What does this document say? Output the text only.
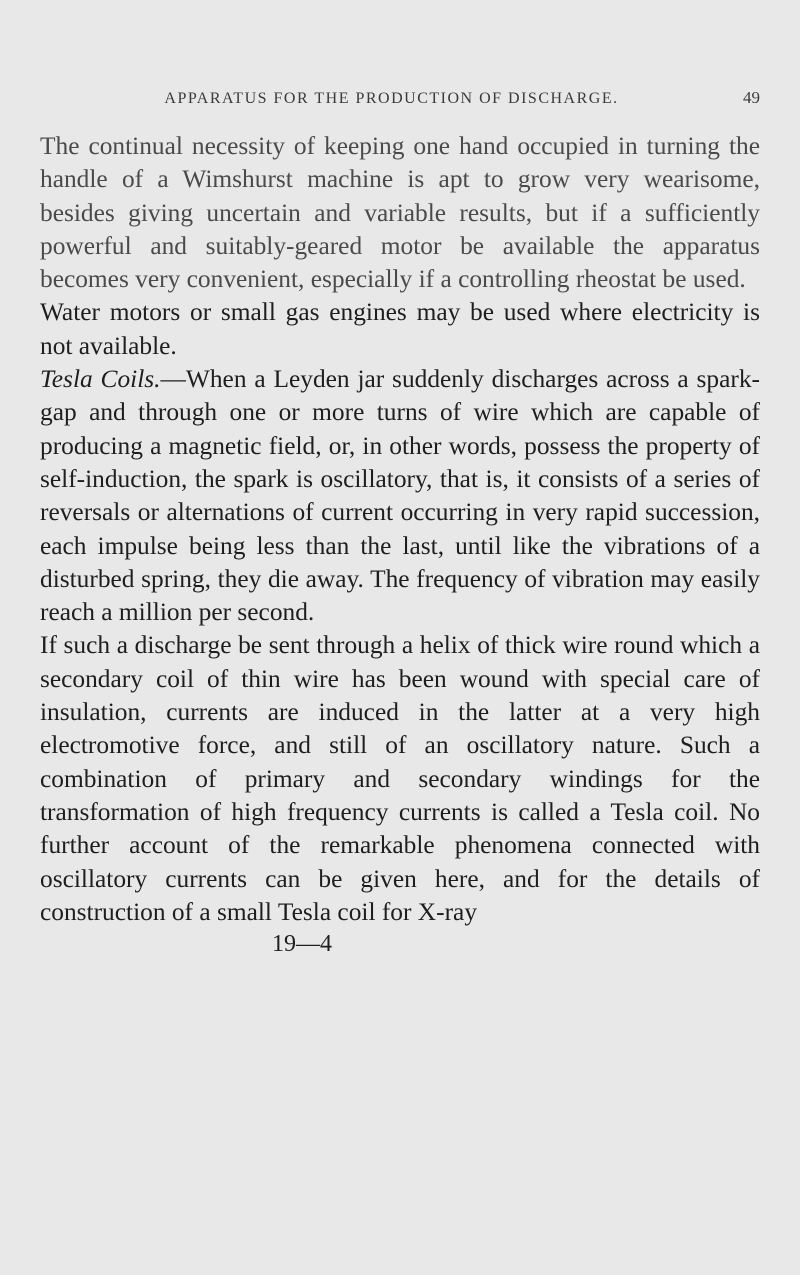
APPARATUS FOR THE PRODUCTION OF DISCHARGE.	49

The continual necessity of keeping one hand occupied in turning the handle of a Wimshurst machine is apt to grow very wearisome, besides giving uncertain and variable results, but if a sufficiently powerful and suitably-geared motor be available the apparatus becomes very convenient, especially if a controlling rheostat be used.

Water motors or small gas engines may be used where electricity is not available.

Tesla Coils.—When a Leyden jar suddenly discharges across a spark-gap and through one or more turns of wire which are capable of producing a magnetic field, or, in other words, possess the property of self-induction, the spark is oscillatory, that is, it consists of a series of reversals or alternations of current occurring in very rapid succession, each impulse being less than the last, until like the vibrations of a disturbed spring, they die away. The frequency of vibration may easily reach a million per second.

If such a discharge be sent through a helix of thick wire round which a secondary coil of thin wire has been wound with special care of insulation, currents are induced in the latter at a very high electromotive force, and still of an oscillatory nature. Such a combination of primary and secondary windings for the transformation of high frequency currents is called a Tesla coil. No further account of the remarkable phenomena connected with oscillatory currents can be given here, and for the details of construction of a small Tesla coil for X-ray

19—4
